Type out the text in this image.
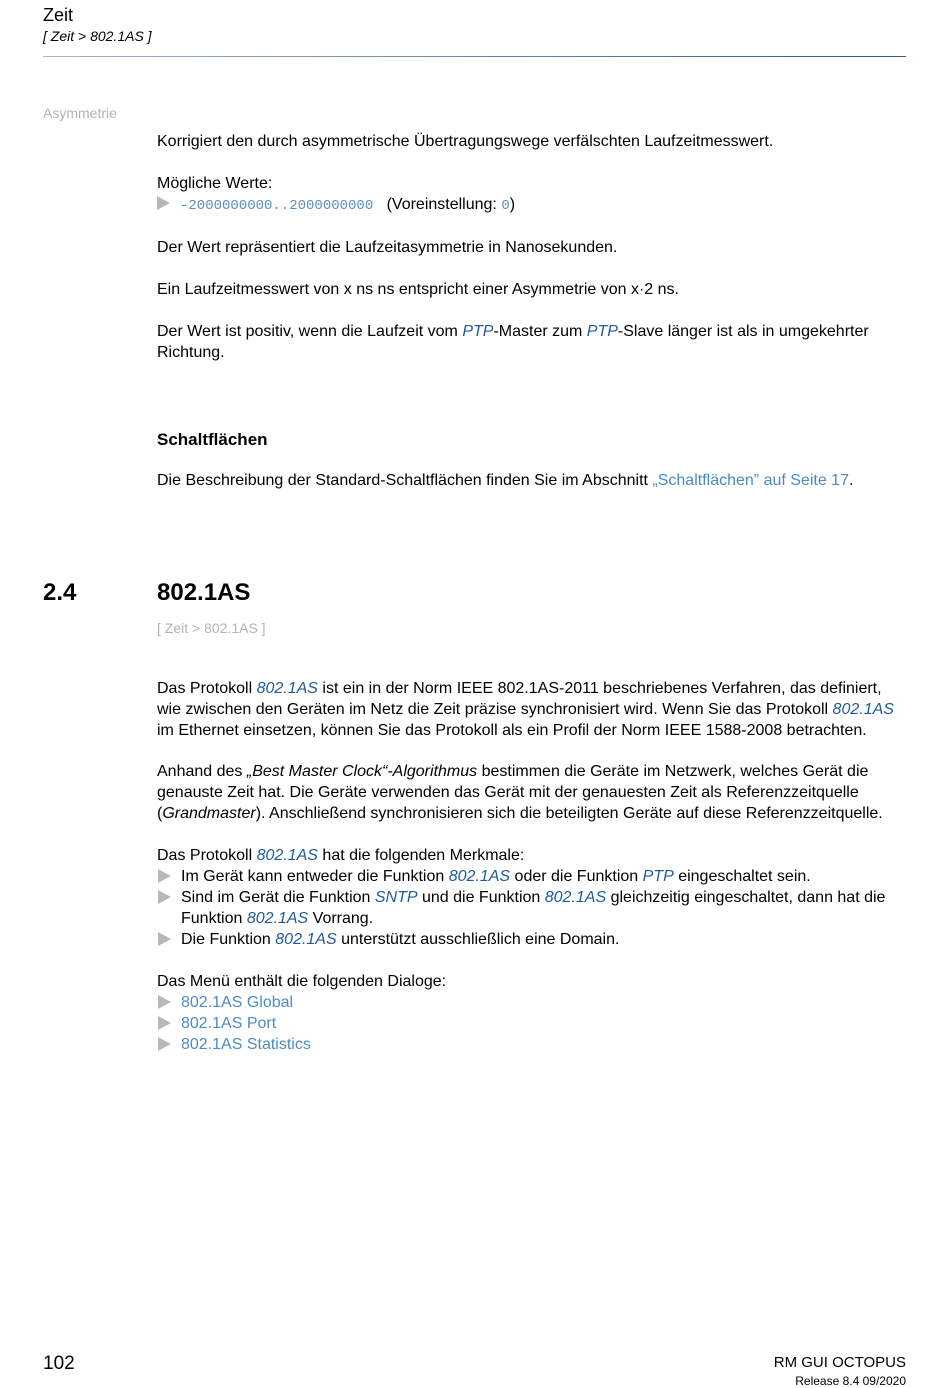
Zeit
[ Zeit > 802.1AS ]
Asymmetrie

Korrigiert den durch asymmetrische Übertragungswege verfälschten Laufzeitmesswert.

Mögliche Werte:

-2000000000..2000000000 (Voreinstellung: 0)

Der Wert repräsentiert die Laufzeitasymmetrie in Nanosekunden.

Ein Laufzeitmesswert von x ns ns entspricht einer Asymmetrie von x·2 ns.

Der Wert ist positiv, wenn die Laufzeit vom PTP-Master zum PTP-Slave länger ist als in umgekehrter Richtung.

Schaltflächen
Die Beschreibung der Standard-Schaltflächen finden Sie im Abschnitt „Schaltflächen” auf Seite 17.
2.4	802.1AS
[ Zeit > 802.1AS ]

Das Protokoll 802.1AS ist ein in der Norm IEEE 802.1AS-2011 beschriebenes Verfahren, das definiert, wie zwischen den Geräten im Netz die Zeit präzise synchronisiert wird. Wenn Sie das Protokoll 802.1AS im Ethernet einsetzen, können Sie das Protokoll als ein Profil der Norm IEEE 1588-2008 betrachten.

Anhand des „Best Master Clock“-Algorithmus bestimmen die Geräte im Netzwerk, welches Gerät die genauste Zeit hat. Die Geräte verwenden das Gerät mit der genauesten Zeit als Referenzzeitquelle (Grandmaster). Anschließend synchronisieren sich die beteiligten Geräte auf diese Referenzzeitquelle.

Das Protokoll 802.1AS hat die folgenden Merkmale:

Im Gerät kann entweder die Funktion 802.1AS oder die Funktion PTP eingeschaltet sein.

Sind im Gerät die Funktion SNTP und die Funktion 802.1AS gleichzeitig eingeschaltet, dann hat die Funktion 802.1AS Vorrang.

Die Funktion 802.1AS unterstützt ausschließlich eine Domain.

Das Menü enthält die folgenden Dialoge:

802.1AS Global

802.1AS Port

802.1AS Statistics

102	RM GUI OCTOPUS
Release 8.4 09/2020
